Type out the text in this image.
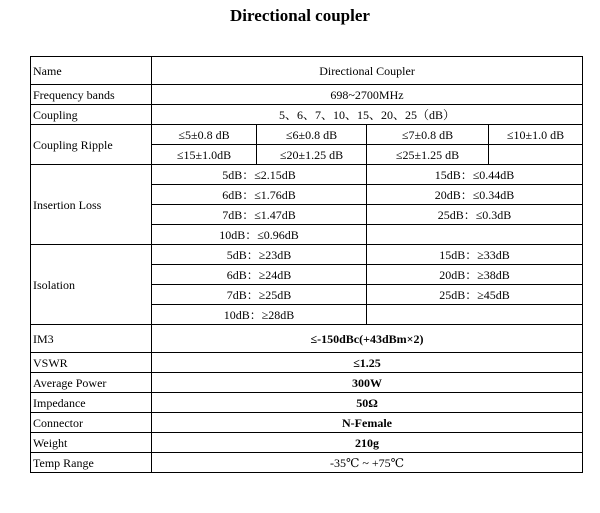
Directional coupler
Name	Directional Coupler			
Frequency bands	698~2700MHz			
Coupling	5、6、7、10、15、20、25（dB）			
Coupling Ripple	≤5±0.8 dB	≤6±0.8 dB	≤7±0.8 dB	≤10±1.0 dB
	≤15±1.0dB	≤20±1.25 dB	≤25±1.25 dB	
Insertion Loss	5dB：≤2.15dB		15dB：≤0.44dB	
	6dB：≤1.76dB		20dB：≤0.34dB	
	7dB：≤1.47dB		25dB：≤0.3dB	
	10dB：≤0.96dB			
Isolation	5dB：≥23dB		15dB：≥33dB	
	6dB：≥24dB		20dB：≥38dB	
	7dB：≥25dB		25dB：≥45dB	
	10dB：≥28dB			
IM3	≤-150dBc(+43dBm×2)			
VSWR	≤1.25			
Average Power	300W			
Impedance	50Ω			
Connector	N-Female			
Weight	210g			
Temp Range	-35℃ ~ +75℃			
